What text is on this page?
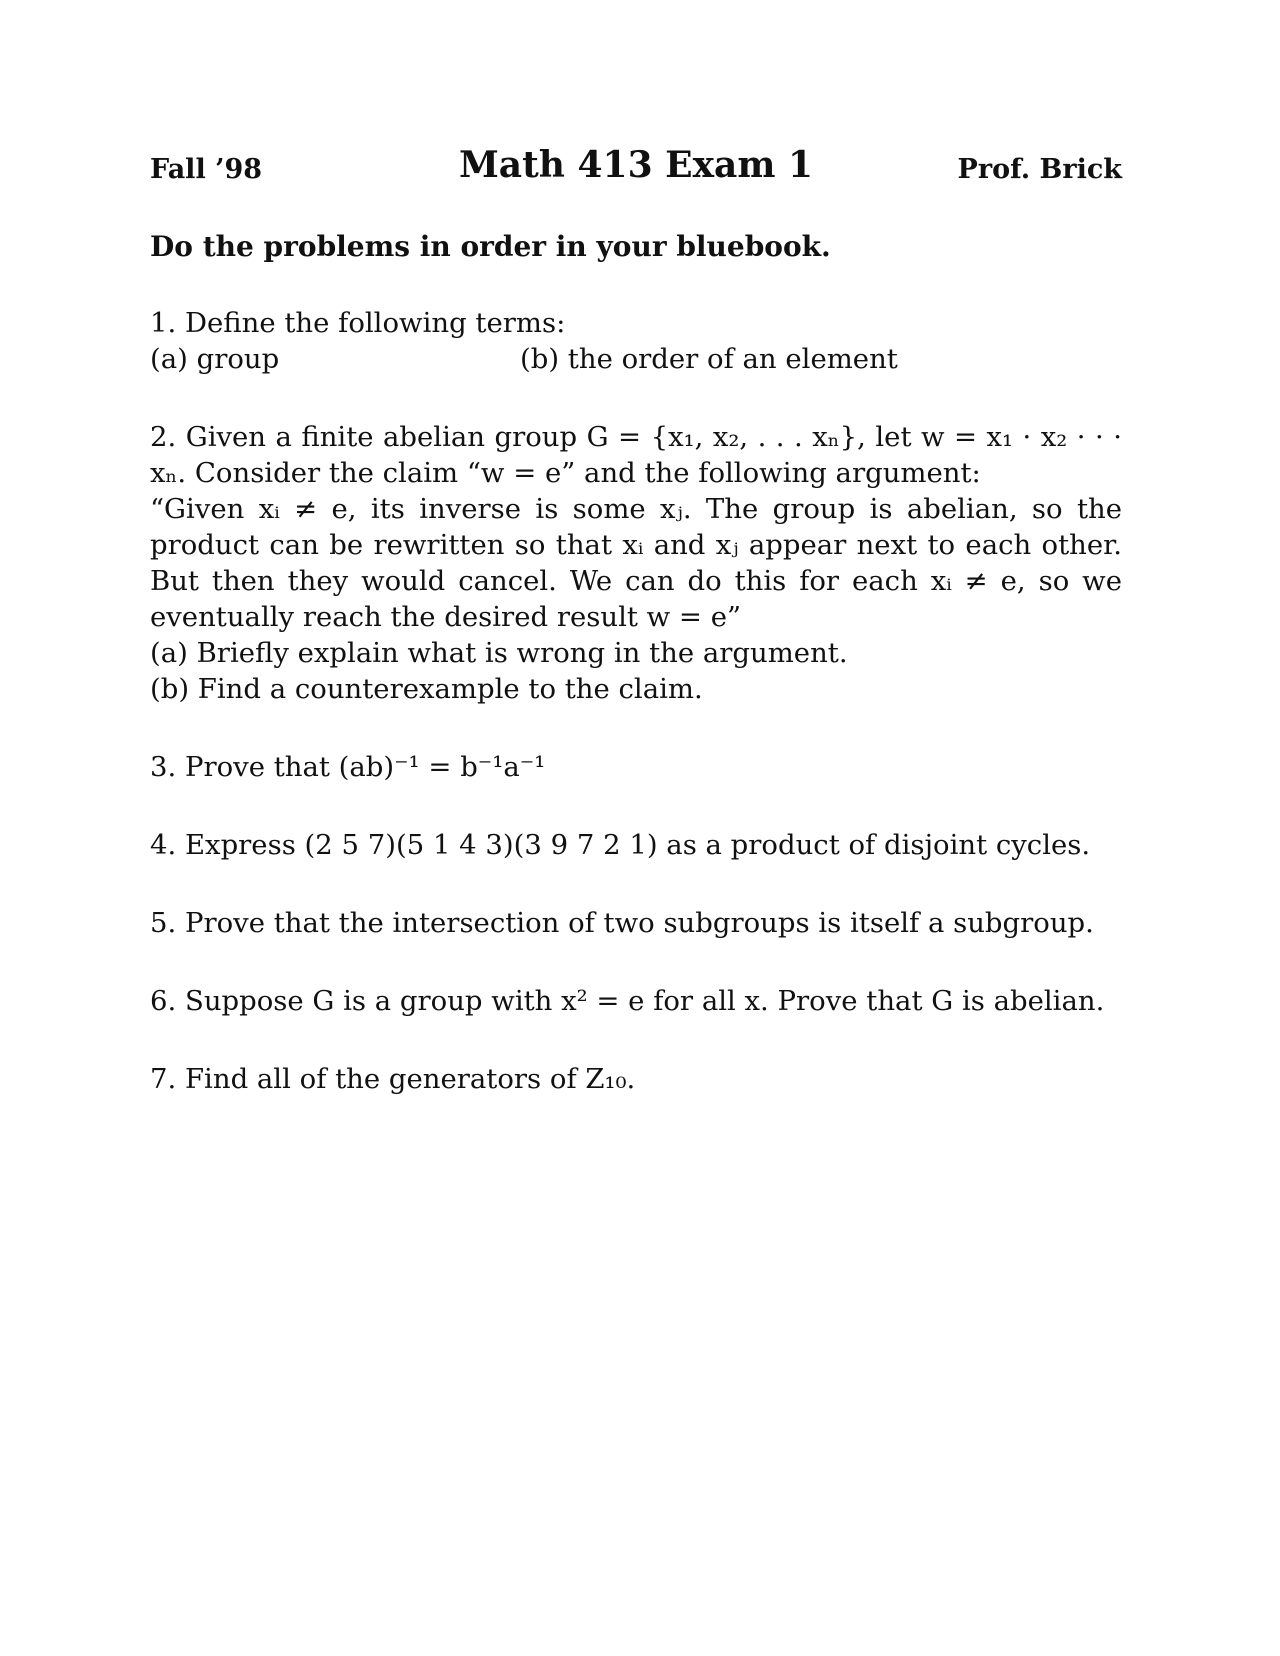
Fall ’98	Math 413 Exam 1	Prof. Brick
Do the problems in order in your bluebook.

1. Define the following terms:

(a) group	(b) the order of an element

2. Given a finite abelian group G = {x₁, x₂, . . . xₙ}, let w = x₁ · x₂ · · · xₙ. Consider the claim “w = e” and the following argument:

“Given xᵢ ≠ e, its inverse is some xⱼ. The group is abelian, so the product can be rewritten so that xᵢ and xⱼ appear next to each other. But then they would cancel. We can do this for each xᵢ ≠ e, so we eventually reach the desired result w = e”

(a) Briefly explain what is wrong in the argument.

(b) Find a counterexample to the claim.

3. Prove that (ab)⁻¹ = b⁻¹a⁻¹

4. Express (2 5 7)(5 1 4 3)(3 9 7 2 1) as a product of disjoint cycles.

5. Prove that the intersection of two subgroups is itself a subgroup.

6. Suppose G is a group with x² = e for all x. Prove that G is abelian.

7. Find all of the generators of Z₁₀.
